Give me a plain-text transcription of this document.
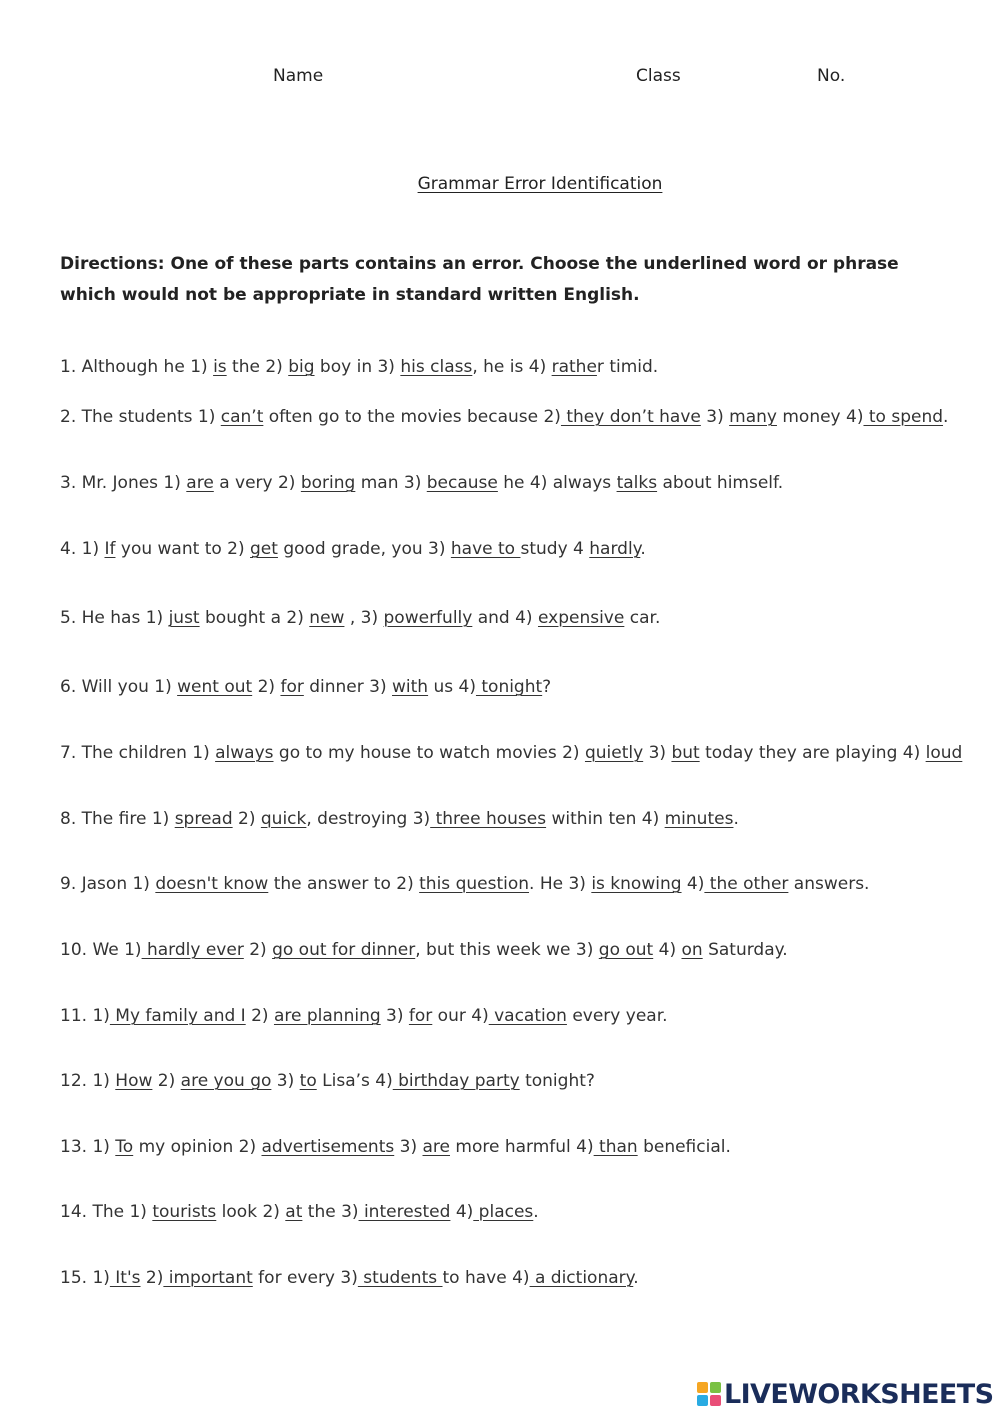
Name	Class	No.
Grammar Error Identification
Directions: One of these parts contains an error. Choose the underlined word or phrase which would not be appropriate in standard written English.
1. Although he 1) is the 2) big boy in 3) his class, he is 4) rather timid.
2. The students 1) can’t often go to the movies because 2) they don’t have 3) many money 4) to spend.
3. Mr. Jones 1) are a very 2) boring man 3) because he 4) always talks about himself.
4. 1) If you want to 2) get good grade, you 3) have to study 4 hardly.
5. He has 1) just bought a 2) new , 3) powerfully and 4) expensive car.
6. Will you 1) went out 2) for dinner 3) with us 4) tonight?
7. The children 1) always go to my house to watch movies 2) quietly 3) but today they are playing 4) loud
8. The fire 1) spread 2) quick, destroying 3) three houses within ten 4) minutes.
9. Jason 1) doesn't know the answer to 2) this question. He 3) is knowing 4) the other answers.
10. We 1) hardly ever 2) go out for dinner, but this week we 3) go out 4) on Saturday.
11. 1) My family and I 2) are planning 3) for our 4) vacation every year.
12. 1) How 2) are you go 3) to Lisa’s 4) birthday party tonight?
13. 1) To my opinion 2) advertisements 3) are more harmful 4) than beneficial.
14. The 1) tourists look 2) at the 3) interested 4) places.
15. 1) It's 2) important for every 3) students to have 4) a dictionary.
LIVEWORKSHEETS
